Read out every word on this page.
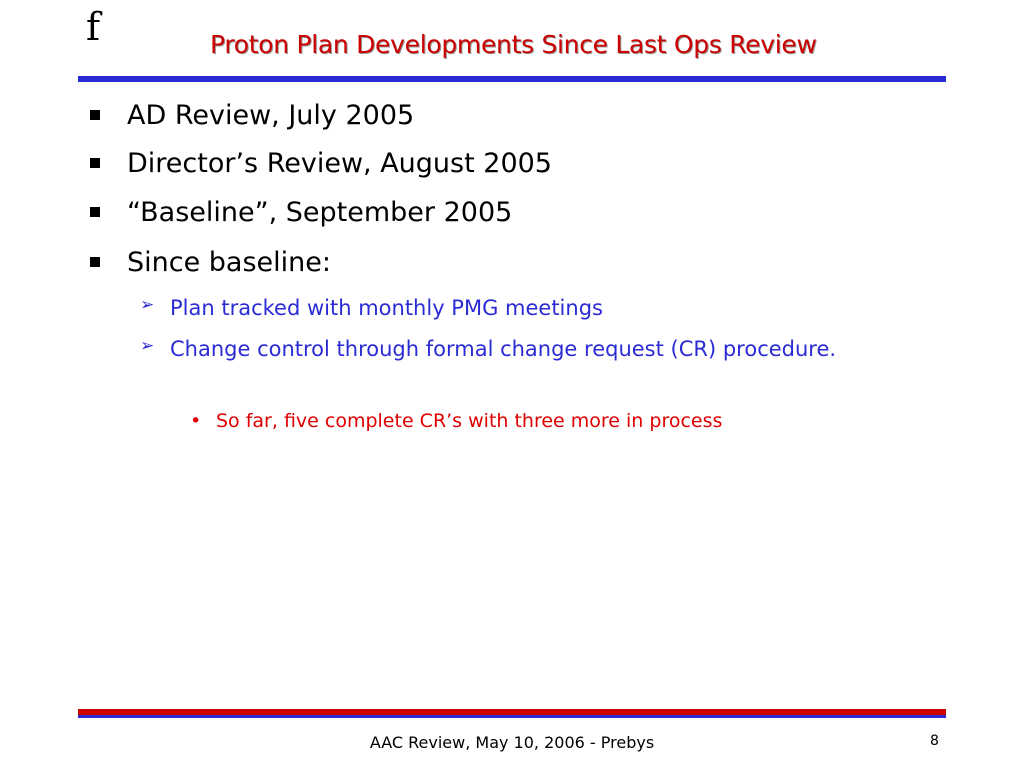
f	Proton Plan Developments Since Last Ops Review
AD Review, July 2005
Director’s Review, August 2005
“Baseline”, September 2005
Since baseline:
➢ Plan tracked with monthly PMG meetings
➢ Change control through formal change request (CR) procedure.
• So far, five complete CR’s with three more in process
AAC Review, May 10, 2006 - Prebys	8
